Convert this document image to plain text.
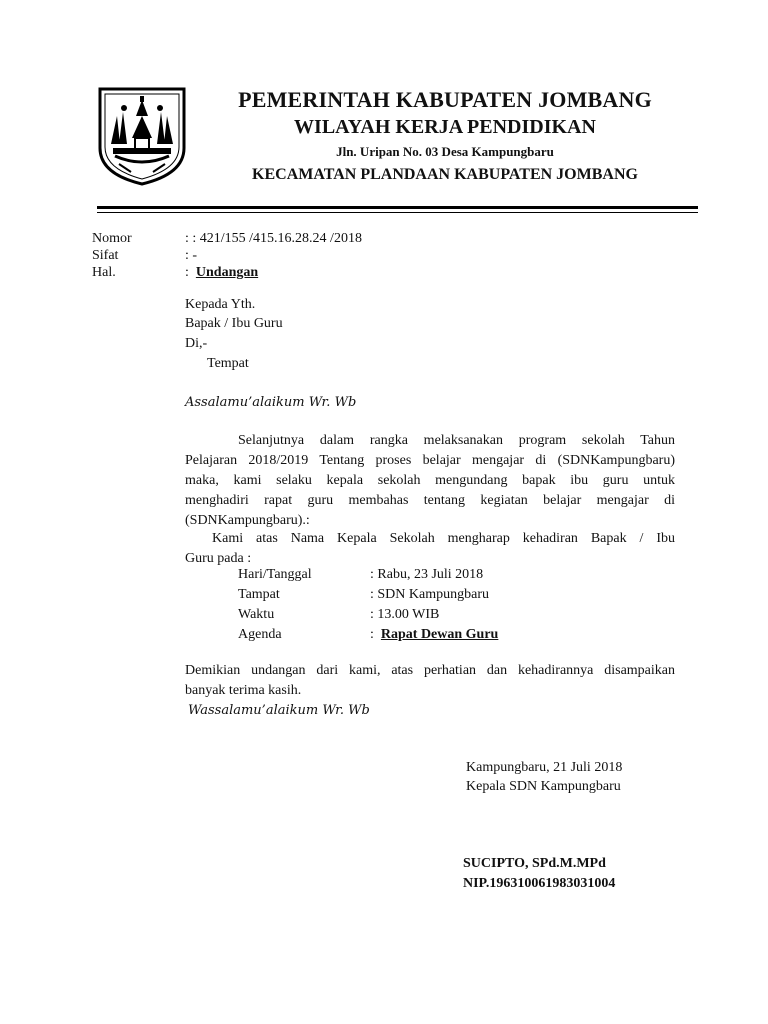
PEMERINTAH KABUPATEN JOMBANG
WILAYAH KERJA PENDIDIKAN
Jln. Uripan No. 03 Desa Kampungbaru
KECAMATAN PLANDAAN KABUPATEN JOMBANG
Nomor	: : 421/155 /415.16.28.24 /2018
Sifat	: -
Hal.	: Undangan
Kepada Yth.
Bapak / Ibu Guru
Di,-
Tempat
Assalamu’alaikum Wr. Wb
Selanjutnya dalam rangka melaksanakan program sekolah Tahun
Pelajaran 2018/2019 Tentang proses belajar mengajar di (SDNKampungbaru)
maka, kami selaku kepala sekolah mengundang bapak ibu guru untuk
menghadiri rapat guru membahas tentang kegiatan belajar mengajar di
(SDNKampungbaru).:
Kami atas Nama Kepala Sekolah mengharap kehadiran Bapak / Ibu
Guru pada :
Hari/Tanggal	: Rabu, 23 Juli 2018
Tampat	: SDN Kampungbaru
Waktu	: 13.00 WIB
Agenda	: Rapat Dewan Guru
Demikian undangan dari kami, atas perhatian dan kehadirannya disampaikan
banyak terima kasih.
Wassalamu’alaikum Wr. Wb
Kampungbaru, 21 Juli 2018
Kepala SDN Kampungbaru
SUCIPTO, SPd.M.MPd
NIP.196310061983031004
